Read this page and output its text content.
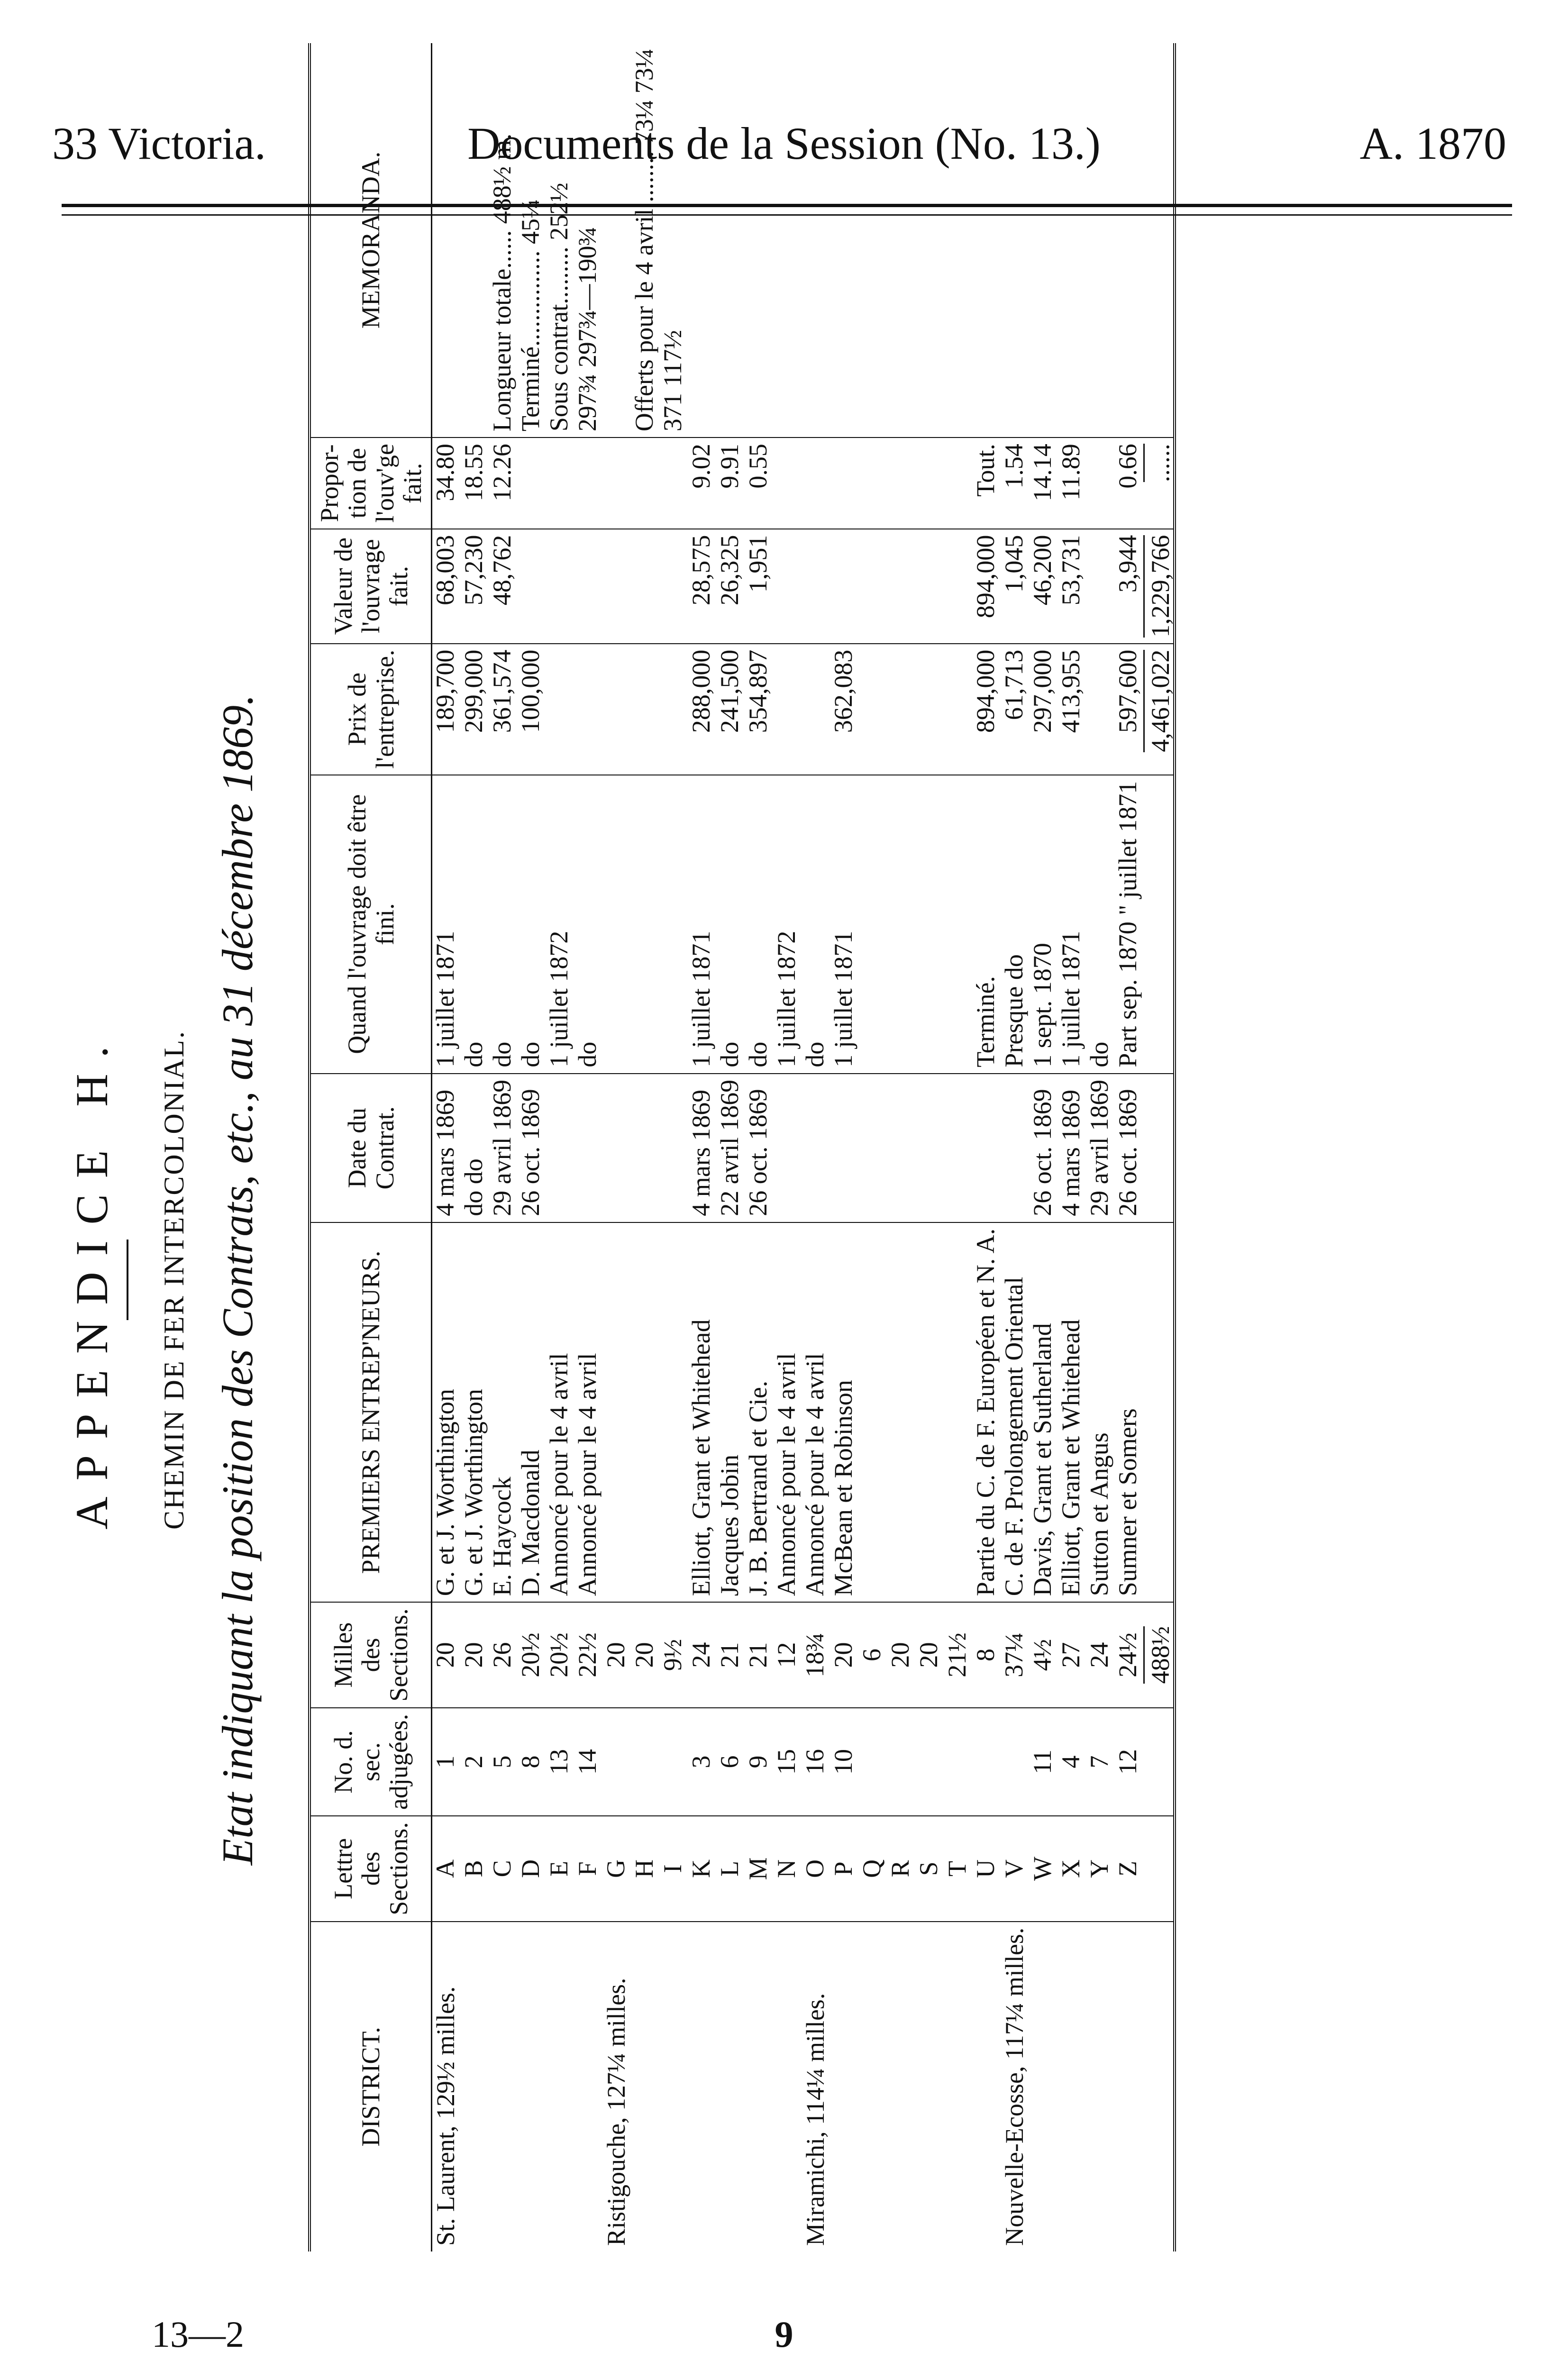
Documents de la Session (No. 13.)
33 Victoria.	A. 1870
APPENDICE H. CHEMIN DE FER INTERCOLONIAL. Etat indiquant la position des Contrats, etc., au 31 décembre 1869.
DISTRICT.	Lettre des Sections.	No. d. sec. adjugées.	Milles des Sections.	PREMIERS ENTREP'NEURS.	Date du Contrat.	Quand l'ouvrage doit être fini.	Prix de l'entreprise.	Valeur de l'ouvrage fait.	Propor-tion de l'ouv'ge fait.	MEMORANDA.
St. Laurent, 129½ milles.	A	1	20	G. et J. Worthington	4 mars 1869	1 juillet 1871	189,700	68,003	34.80	
	B	2	20	G. et J. Worthington	do do	do	299,000	57,230	18.55	
	C	5	26	E. Haycock	29 avril 1869	do	361,574	48,762	12.26	Longueur totale...... 488½ m.
	D	8	20½	D. Macdonald	26 oct. 1869	do	100,000			Terminé............... 45¼
	E	13	20½	Annoncé pour le 4 avril		1 juillet 1872				Sous contrat......... 252½
	F	14	22½	Annoncé pour le 4 avril		do				297¾ 297¾—190¾
Ristigouche, 127¼ milles.	G		20							
	H		20							Offerts pour le 4 avril ........ 73¼ 73¼
	I		9½							371 117½
	K	3	24	Elliott, Grant et Whitehead	4 mars 1869	1 juillet 1871	288,000	28,575	9.02	
	L	6	21	Jacques Jobin	22 avril 1869	do	241,500	26,325	9.91	
	M	9	21	J. B. Bertrand et Cie.	26 oct. 1869	do	354,897	1,951	0.55	
	N	15	12	Annoncé pour le 4 avril		1 juillet 1872				
Miramichi, 114¼ milles.	O	16	18¾	Annoncé pour le 4 avril		do				
	P	10	20	McBean et Robinson		1 juillet 1871	362,083			
	Q		6							
	R		20							
	S		20							
	T		21½							
	U		8	Partie du C. de F. Européen et N. A.		Terminé.	894,000	894,000	Tout.	
Nouvelle-Ecosse, 117¼ milles.	V		37¼	C. de F. Prolongement Oriental		Presque do	61,713	1,045	1.54	
	W	11	4½	Davis, Grant et Sutherland	26 oct. 1869	1 sept. 1870	297,000	46,200	14.14	
	X	4	27	Elliott, Grant et Whitehead	4 mars 1869	1 juillet 1871	413,955	53,731	11.89	
	Y	7	24	Sutton et Angus	29 avril 1869	do				
	Z	12	24½	Sumner et Somers	26 oct. 1869	Part sep. 1870 " juillet 1871	597,600	3,944	0.66	
			488½				4,461,022	1,229,766	......	
13—2	9
